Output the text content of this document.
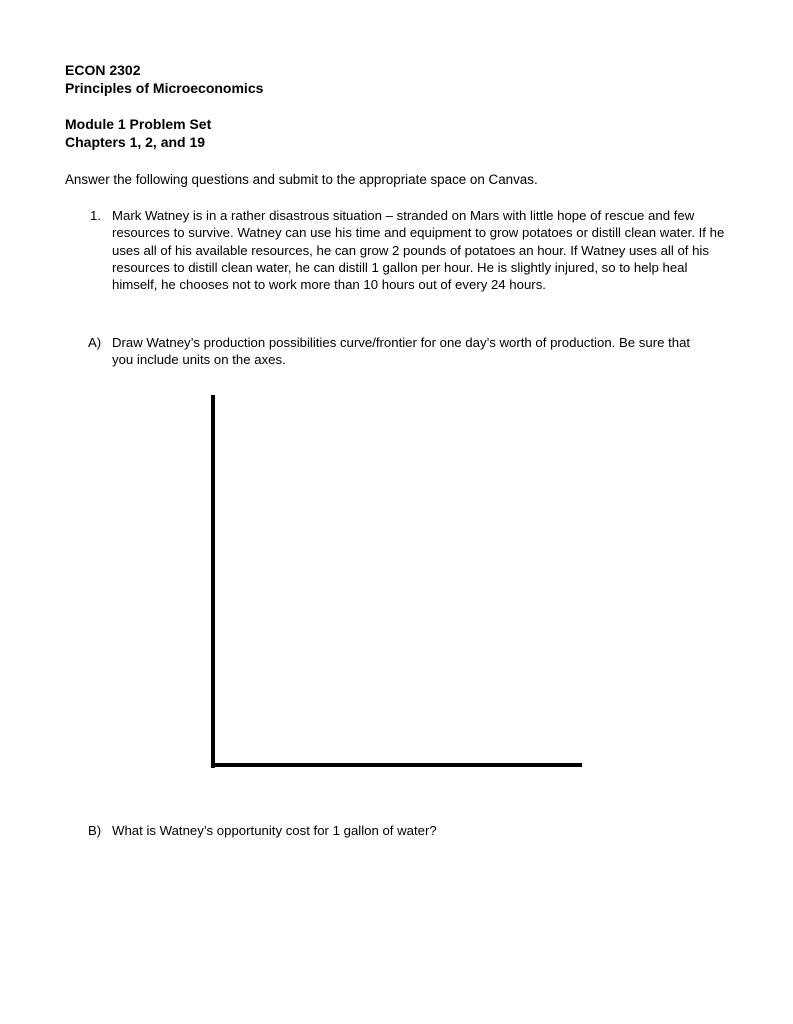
ECON 2302
Principles of Microeconomics
Module 1 Problem Set
Chapters 1, 2, and 19
Answer the following questions and submit to the appropriate space on Canvas.
1. Mark Watney is in a rather disastrous situation – stranded on Mars with little hope of rescue and few resources to survive. Watney can use his time and equipment to grow potatoes or distill clean water. If he uses all of his available resources, he can grow 2 pounds of potatoes an hour. If Watney uses all of his resources to distill clean water, he can distill 1 gallon per hour. He is slightly injured, so to help heal himself, he chooses not to work more than 10 hours out of every 24 hours.
A) Draw Watney’s production possibilities curve/frontier for one day’s worth of production. Be sure that you include units on the axes.
B) What is Watney’s opportunity cost for 1 gallon of water?
